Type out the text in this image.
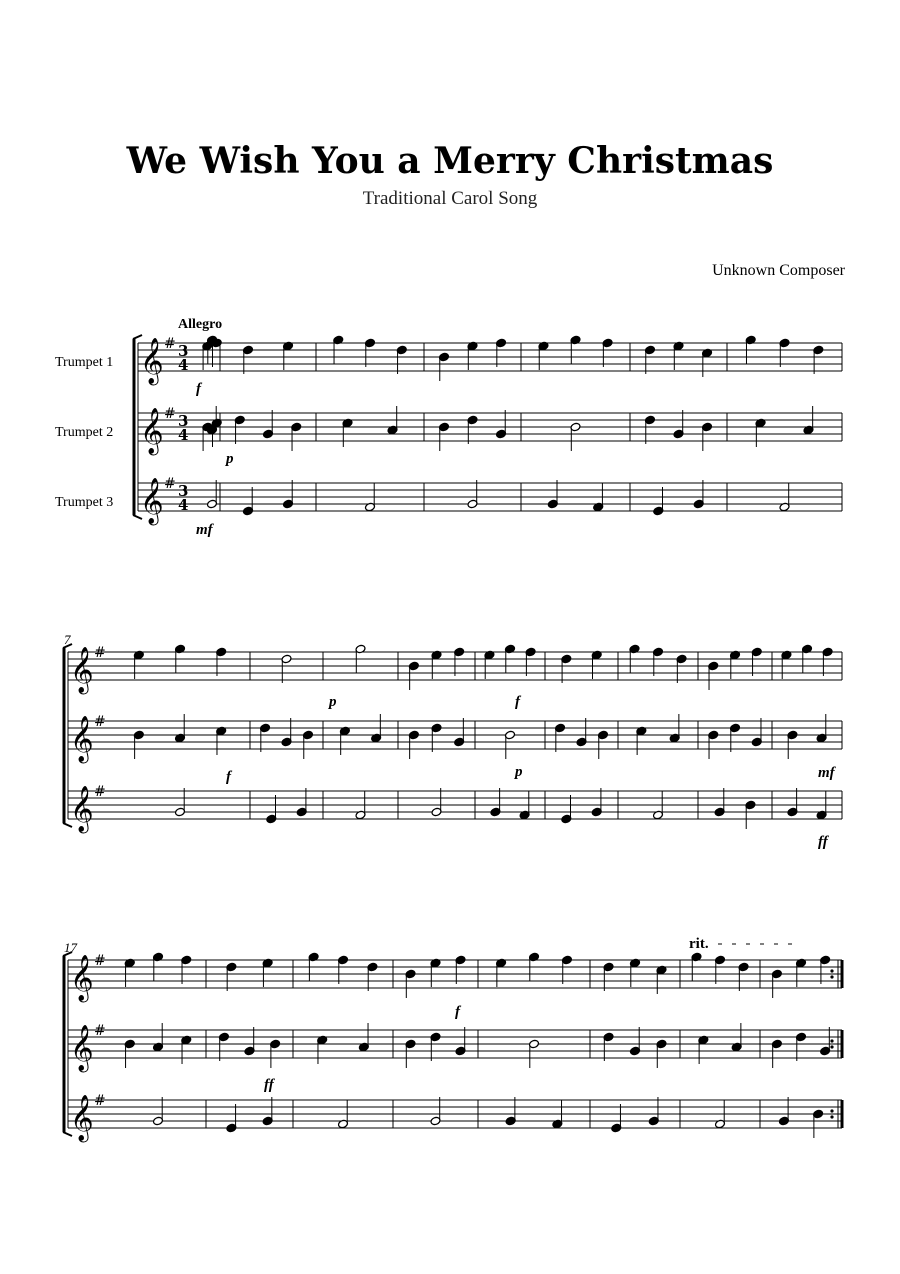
We Wish You a Merry Christmas
Traditional Carol Song
Unknown Composer
𝄞 # 3
4
𝄞 # 3
4
𝄞 # 3
4
𝄞 #
𝄞 #
𝄞 #
𝄞 #
𝄞 #
𝄞 #
Trumpet 1
Trumpet 2
Trumpet 3
Allegro
7
17	rit.
f
p
mf
f
p	f
p	mf
ff
ff
f
